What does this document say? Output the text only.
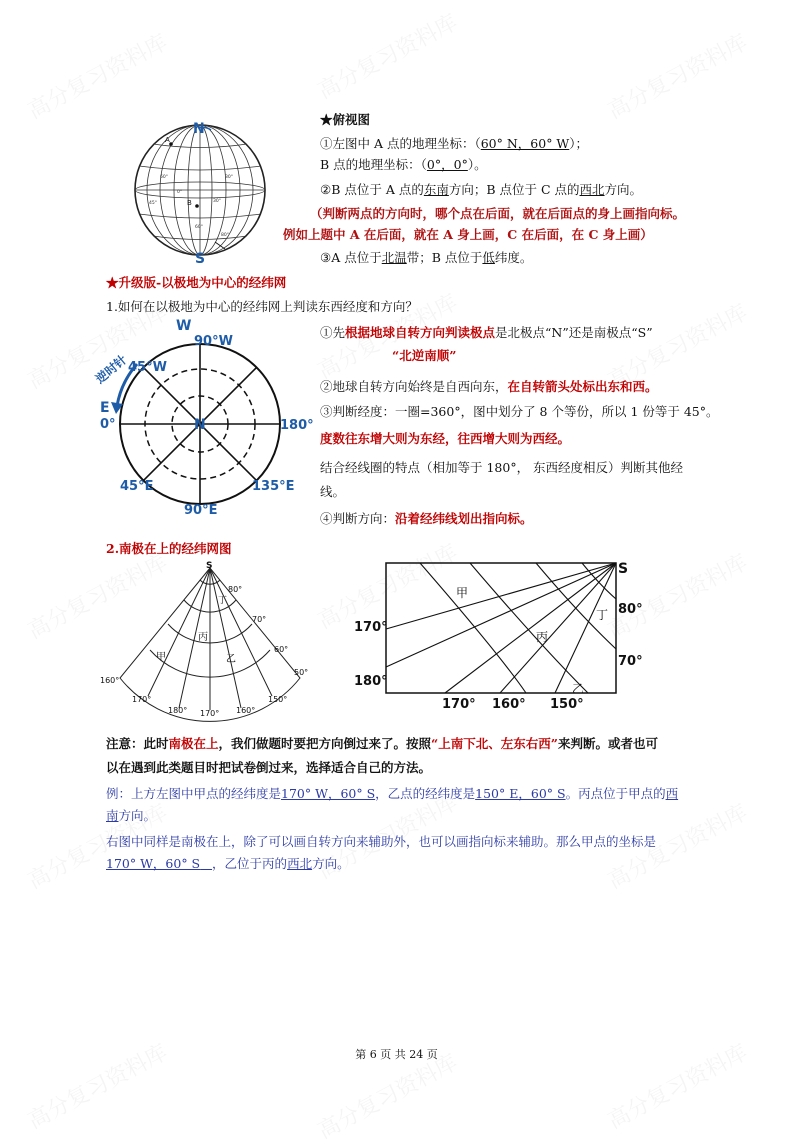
60°	30°
0°
30°
60°
80°
45°
A
B
N
S
★俯视图
①左图中 A 点的地理坐标：（60° N，60° W）；
B 点的地理坐标：（0°，0°）。
②B 点位于 A 点的东南方向；B 点位于 C 点的西北方向。
（判断两点的方向时，哪个点在后面，就在后面点的身上画指向标。
例如上题中 A 在后面，就在 A 身上画，C 在后面，在 C 身上画）
③A 点位于北温带；B 点位于低纬度。
★升级版-以极地为中心的经纬网
1.如何在以极地为中心的经纬网上判读东西经度和方向？
N
W
90°W
45°W
E
0°	180°
45°E	135°E
90°E
逆时针
①先根据地球自转方向判读极点是北极点“N”还是南极点“S”
“北逆南顺”
②地球自转方向始终是自西向东，在自转箭头处标出东和西。
③判断经度：一圈=360°，图中划分了 8 个等份，所以 1 份等于 45°。
度数往东增大则为东经，往西增大则为西经。
结合经线圈的特点（相加等于 180°， 东西经度相反）判断其他经
线。
④判断方向：沿着经纬线划出指向标。
2.南极在上的经纬网图
S
80°
70°
60°
50°
160°
170°
180° 170° 160°
150°
甲
丙
乙
丁
S
80°
70°
170°
180°
170° 160° 150°
甲
丙
丁
乙
注意：此时南极在上，我们做题时要把方向倒过来了。按照“上南下北、左东右西”来判断。或者也可
以在遇到此类题目时把试卷倒过来，选择适合自己的方法。
例：上方左图中甲点的经纬度是170° W，60° S，乙点的经纬度是150° E，60° S。丙点位于甲点的西
南方向。
右图中同样是南极在上，除了可以画自转方向来辅助外，也可以画指向标来辅助。那么甲点的坐标是
170° W，60° S ，乙位于丙的西北方向。
第 6 页 共 24 页
